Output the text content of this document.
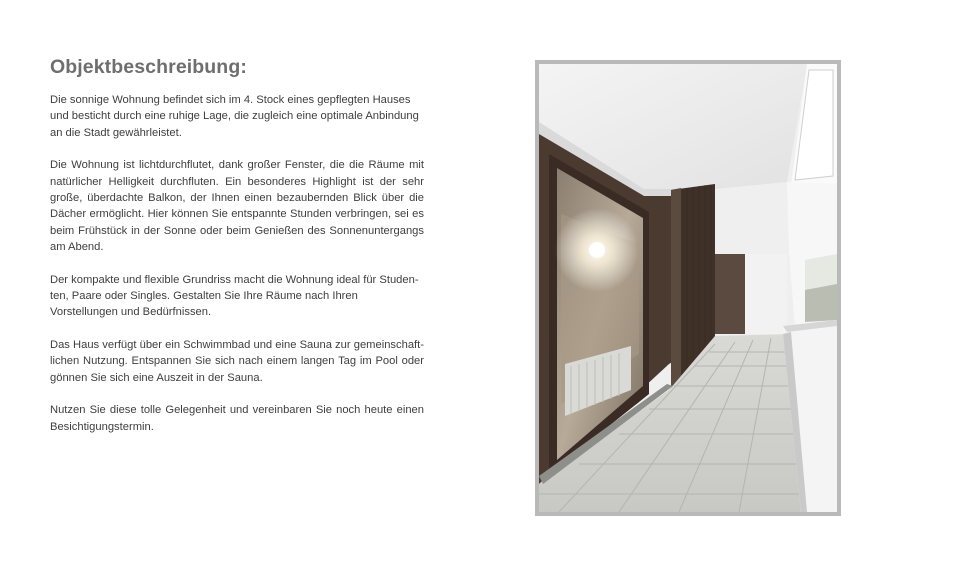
Objektbeschreibung:

Die sonnige Wohnung befindet sich im 4. Stock eines gepflegten Hauses und besticht durch eine ruhige Lage, die zugleich eine optimale Anbindung an die Stadt gewährleistet.

Die Wohnung ist lichtdurchflutet, dank großer Fenster, die die Räume mit natürlicher Helligkeit durchfluten. Ein besonderes Highlight ist der sehr große, überdachte Balkon, der Ihnen einen bezaubernden Blick über die Dächer ermöglicht. Hier können Sie entspannte Stunden verbringen, sei es beim Frühstück in der Sonne oder beim Genießen des Sonnenuntergangs am Abend.

Der kompakte und flexible Grundriss macht die Wohnung ideal für Studenten, Paare oder Singles. Gestalten Sie Ihre Räume nach Ihren Vorstellungen und Bedürfnissen.

Das Haus verfügt über ein Schwimmbad und eine Sauna zur gemeinschaftlichen Nutzung. Entspannen Sie sich nach einem langen Tag im Pool oder gönnen Sie sich eine Auszeit in der Sauna.

Nutzen Sie diese tolle Gelegenheit und vereinbaren Sie noch heute einen Besichtigungstermin.
